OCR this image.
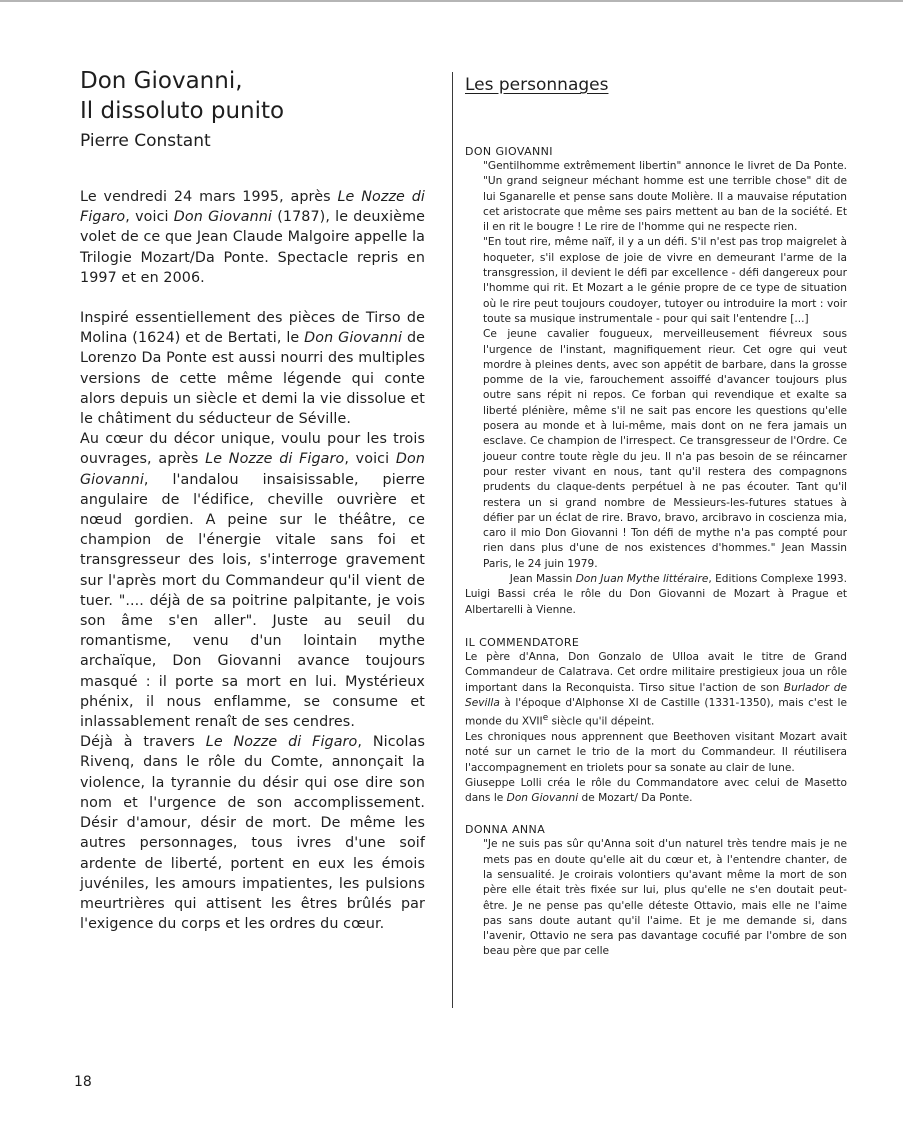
Don Giovanni,
Il dissoluto punito
Pierre Constant

Le vendredi 24 mars 1995, après Le Nozze di Figaro, voici Don Giovanni (1787), le deuxième volet de ce que Jean Claude Malgoire appelle la Trilogie Mozart/Da Ponte. Spectacle repris en 1997 et en 2006.

Inspiré essentiellement des pièces de Tirso de Molina (1624) et de Bertati, le Don Giovanni de Lorenzo Da Ponte est aussi nourri des multiples versions de cette même légende qui conte alors depuis un siècle et demi la vie dissolue et le châtiment du séducteur de Séville.

Au cœur du décor unique, voulu pour les trois ouvrages, après Le Nozze di Figaro, voici Don Giovanni, l'andalou insaisissable, pierre angulaire de l'édifice, cheville ouvrière et nœud gordien. A peine sur le théâtre, ce champion de l'énergie vitale sans foi et transgresseur des lois, s'interroge gravement sur l'après mort du Commandeur qu'il vient de tuer. ".... déjà de sa poitrine palpitante, je vois son âme s'en aller". Juste au seuil du romantisme, venu d'un lointain mythe archaïque, Don Giovanni avance toujours masqué : il porte sa mort en lui. Mystérieux phénix, il nous enflamme, se consume et inlassablement renaît de ses cendres.

Déjà à travers Le Nozze di Figaro, Nicolas Rivenq, dans le rôle du Comte, annonçait la violence, la tyrannie du désir qui ose dire son nom et l'urgence de son accomplissement. Désir d'amour, désir de mort. De même les autres personnages, tous ivres d'une soif ardente de liberté, portent en eux les émois juvéniles, les amours impatientes, les pulsions meurtrières qui attisent les êtres brûlés par l'exigence du corps et les ordres du cœur.

Les personnages
DON GIOVANNI

"Gentilhomme extrêmement libertin" annonce le livret de Da Ponte. "Un grand seigneur méchant homme est une terrible chose" dit de lui Sganarelle et pense sans doute Molière. Il a mauvaise réputation cet aristocrate que même ses pairs mettent au ban de la société. Et il en rit le bougre ! Le rire de l'homme qui ne respecte rien.

"En tout rire, même naïf, il y a un défi. S'il n'est pas trop maigrelet à hoqueter, s'il explose de joie de vivre en demeurant l'arme de la transgression, il devient le défi par excellence - défi dangereux pour l'homme qui rit. Et Mozart a le génie propre de ce type de situation où le rire peut toujours coudoyer, tutoyer ou introduire la mort : voir toute sa musique instrumentale - pour qui sait l'entendre [...]

Ce jeune cavalier fougueux, merveilleusement fiévreux sous l'urgence de l'instant, magnifiquement rieur. Cet ogre qui veut mordre à pleines dents, avec son appétit de barbare, dans la grosse pomme de la vie, farouchement assoiffé d'avancer toujours plus outre sans répit ni repos. Ce forban qui revendique et exalte sa liberté plénière, même s'il ne sait pas encore les questions qu'elle posera au monde et à lui-même, mais dont on ne fera jamais un esclave. Ce champion de l'irrespect. Ce transgresseur de l'Ordre. Ce joueur contre toute règle du jeu. Il n'a pas besoin de se réincarner pour rester vivant en nous, tant qu'il restera des compagnons prudents du claque-dents perpétuel à ne pas écouter. Tant qu'il restera un si grand nombre de Messieurs-les-futures statues à défier par un éclat de rire. Bravo, bravo, arcibravo in coscienza mia, caro il mio Don Giovanni ! Ton défi de mythe n'a pas compté pour rien dans plus d'une de nos existences d'hommes." Jean Massin Paris, le 24 juin 1979.

Jean Massin Don Juan Mythe littéraire, Editions Complexe 1993.

Luigi Bassi créa le rôle du Don Giovanni de Mozart à Prague et Albertarelli à Vienne.

IL COMMENDATORE

Le père d'Anna, Don Gonzalo de Ulloa avait le titre de Grand Commandeur de Calatrava. Cet ordre militaire prestigieux joua un rôle important dans la Reconquista. Tirso situe l'action de son Burlador de Sevilla à l'époque d'Alphonse XI de Castille (1331-1350), mais c'est le monde du XVIIe siècle qu'il dépeint.

Les chroniques nous apprennent que Beethoven visitant Mozart avait noté sur un carnet le trio de la mort du Commandeur. Il réutilisera l'accompagnement en triolets pour sa sonate au clair de lune.

Giuseppe Lolli créa le rôle du Commandatore avec celui de Masetto dans le Don Giovanni de Mozart/ Da Ponte.

DONNA ANNA

"Je ne suis pas sûr qu'Anna soit d'un naturel très tendre mais je ne mets pas en doute qu'elle ait du cœur et, à l'entendre chanter, de la sensualité. Je croirais volontiers qu'avant même la mort de son père elle était très fixée sur lui, plus qu'elle ne s'en doutait peut-être. Je ne pense pas qu'elle déteste Ottavio, mais elle ne l'aime pas sans doute autant qu'il l'aime. Et je me demande si, dans l'avenir, Ottavio ne sera pas davantage cocufié par l'ombre de son beau père que par celle

18
